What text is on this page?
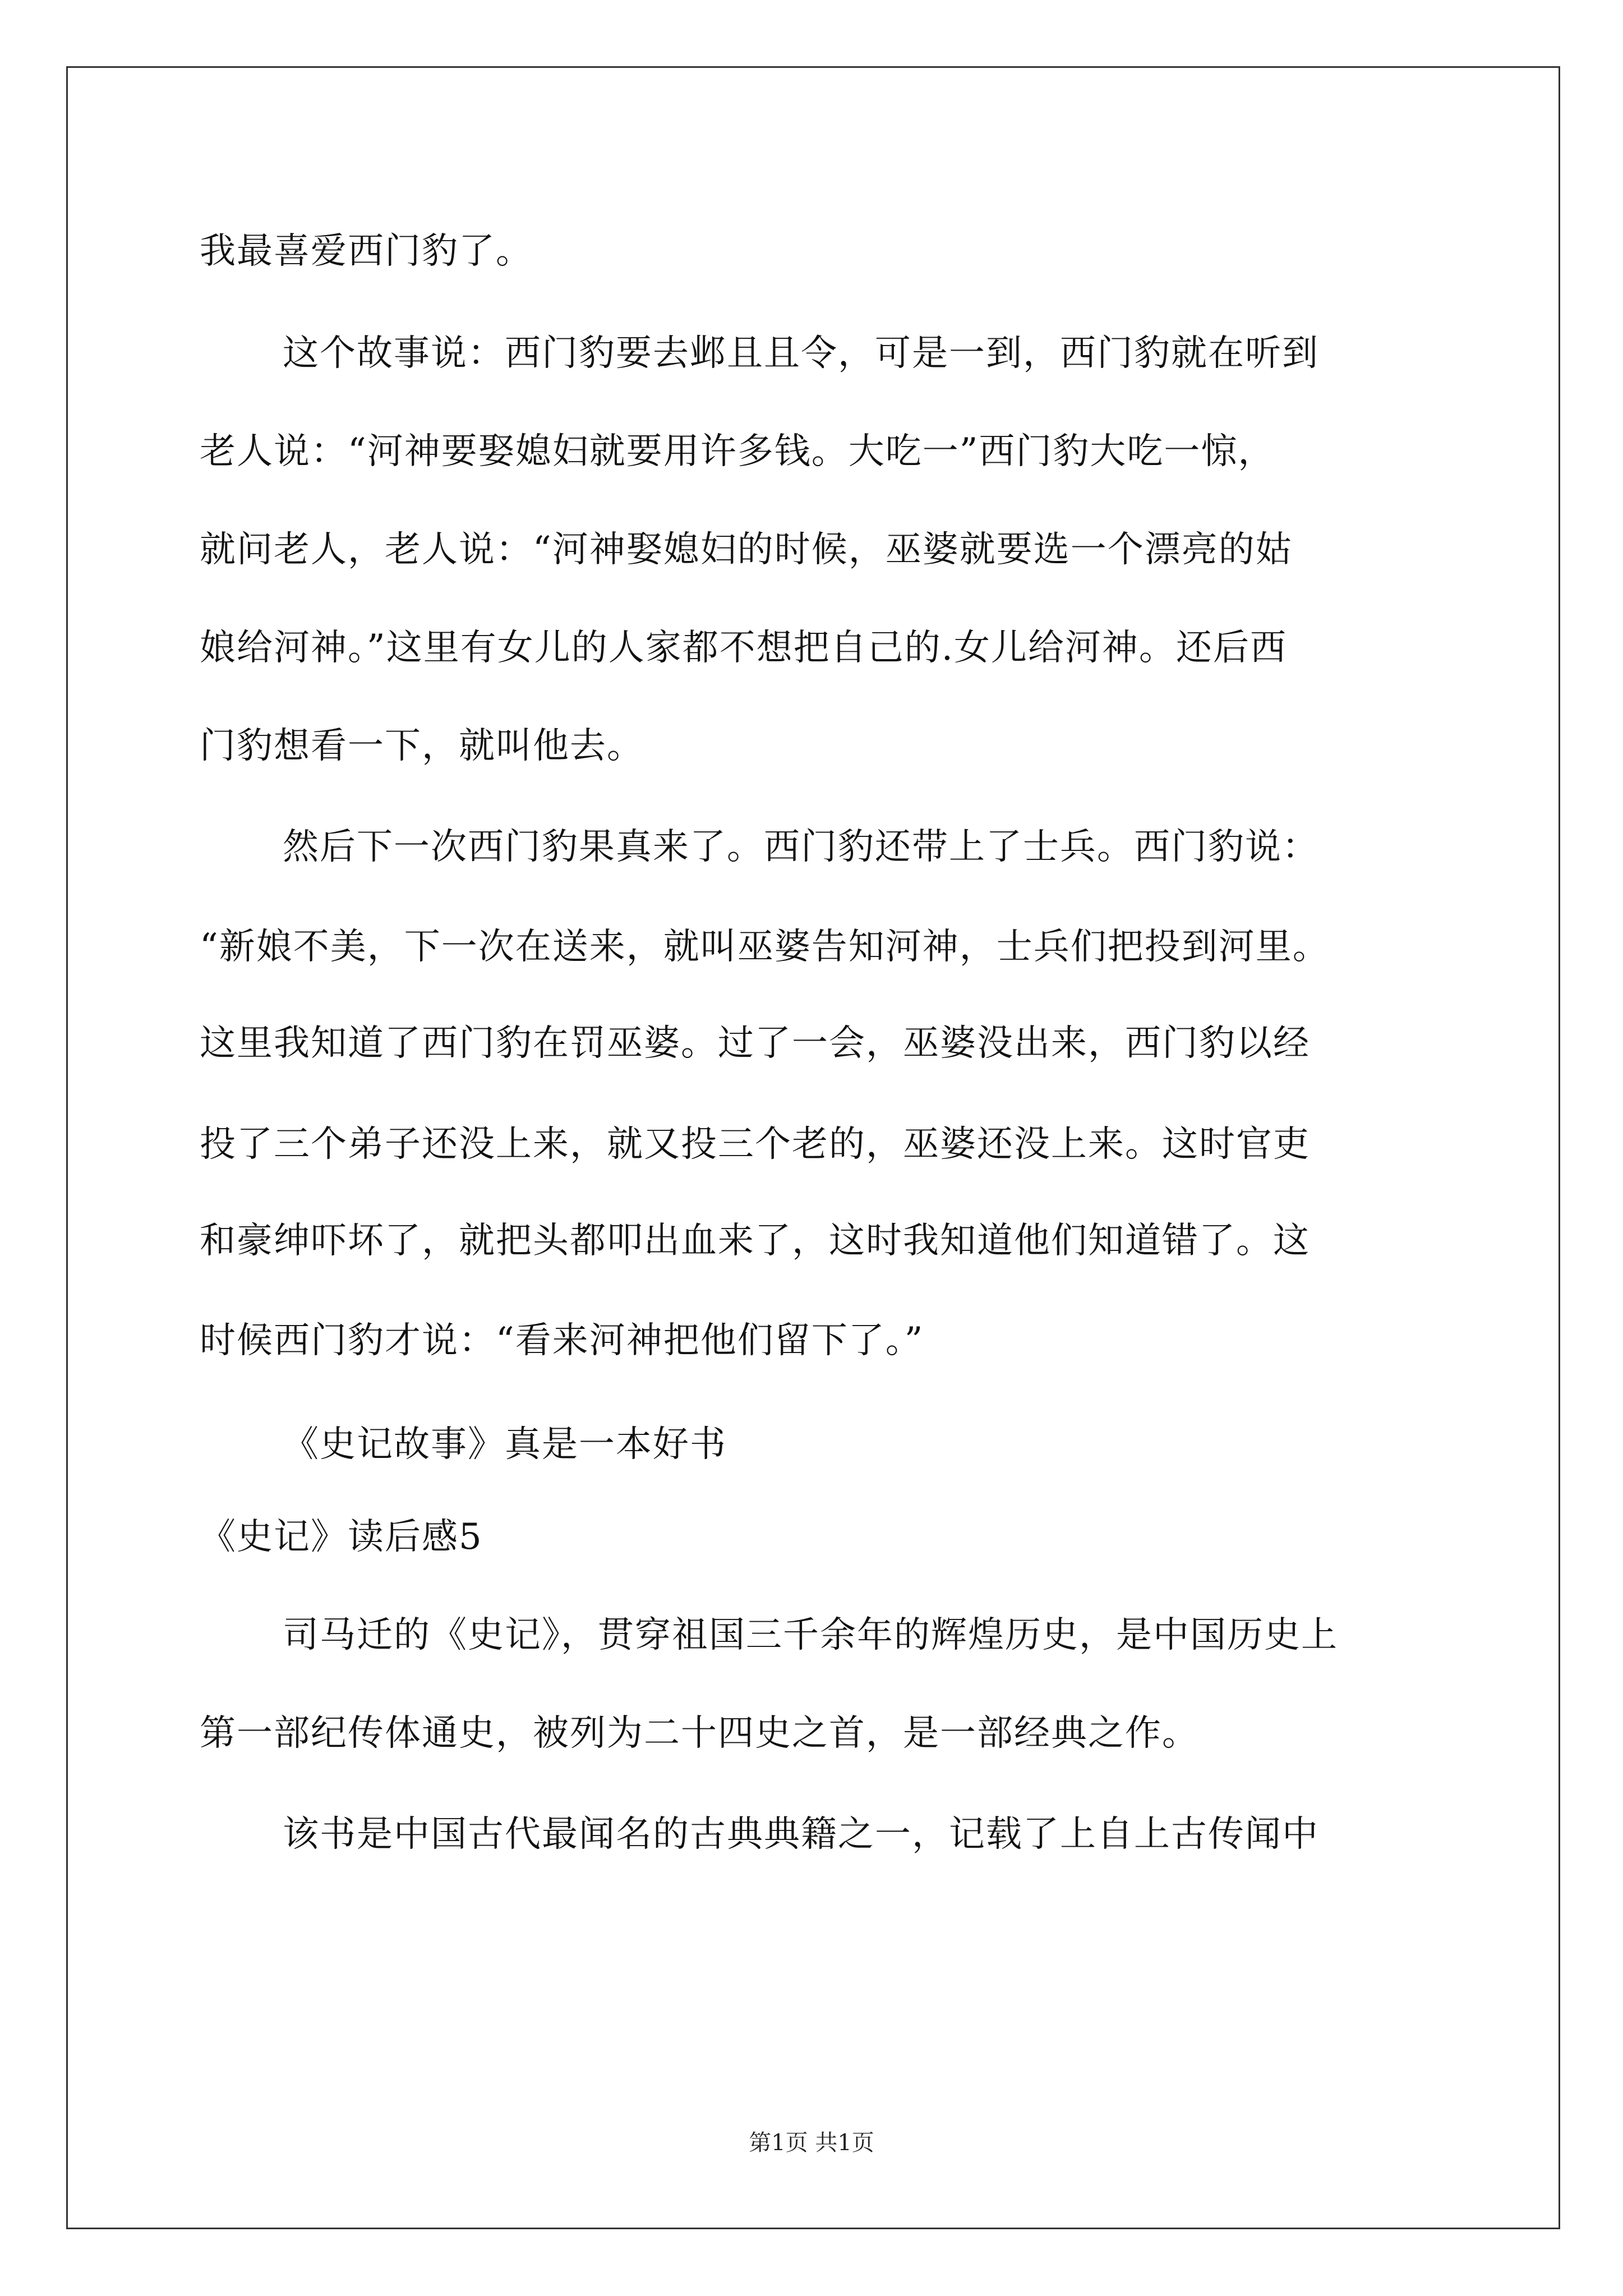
我最喜爱西门豹了。
这个故事说：西门豹要去邺且且令，可是一到，西门豹就在听到
老人说：“河神要娶媳妇就要用许多钱。大吃一”西门豹大吃一惊，
就问老人，老人说：“河神娶媳妇的时候，巫婆就要选一个漂亮的姑
娘给河神。”这里有女儿的人家都不想把自己的.女儿给河神。还后西
门豹想看一下，就叫他去。
然后下一次西门豹果真来了。西门豹还带上了士兵。西门豹说：
“新娘不美，下一次在送来，就叫巫婆告知河神，士兵们把投到河里。
这里我知道了西门豹在罚巫婆。过了一会，巫婆没出来，西门豹以经
投了三个弟子还没上来，就又投三个老的，巫婆还没上来。这时官吏
和豪绅吓坏了，就把头都叩出血来了，这时我知道他们知道错了。这
时候西门豹才说：“看来河神把他们留下了。”
《史记故事》真是一本好书
《史记》读后感5
司马迁的《史记》，贯穿祖国三千余年的辉煌历史，是中国历史上
第一部纪传体通史，被列为二十四史之首，是一部经典之作。
该书是中国古代最闻名的古典典籍之一，记载了上自上古传闻中
第1页 共1页
